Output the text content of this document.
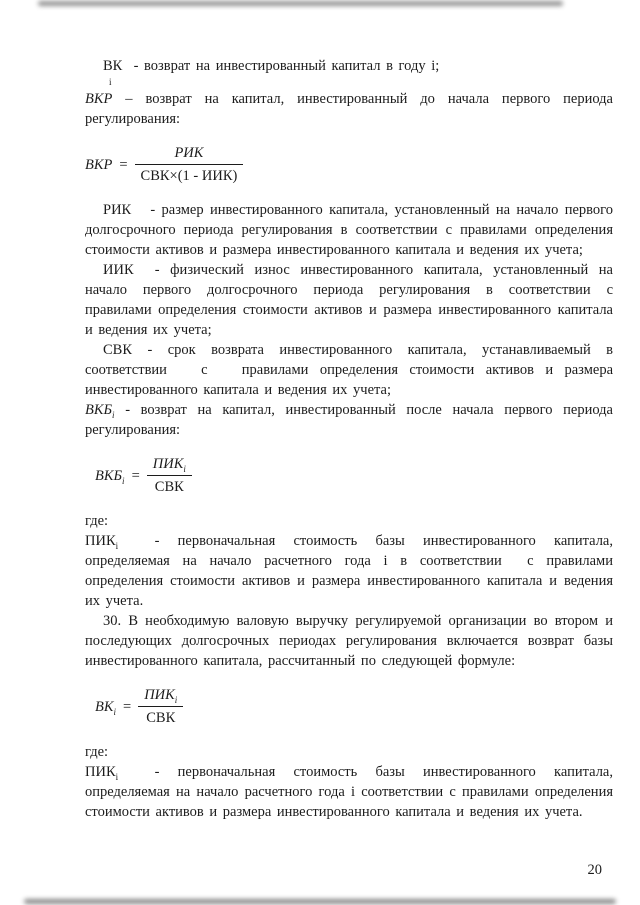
ВК  - возврат на инвестированный капитал в году i;

i

ВКР – возврат на капитал, инвестированный до начала первого периода регулирования:

ВКР = $\frac{\text{РИК}}{\text{СВК×(1 - ИИК)}}$

РИК   - размер инвестированного капитала, установленный на начало первого долгосрочного периода регулирования в соответствии с правилами определения стоимости активов и размера инвестированного капитала и ведения их учета;

ИИК  - физический износ инвестированного капитала, установленный на начало первого долгосрочного периода регулирования в соответствии с правилами определения стоимости активов и размера инвестированного капитала и ведения их учета;

СВК - срок возврата инвестированного капитала, устанавливаемый в соответствии   с   правилами определения стоимости активов и размера инвестированного капитала и ведения их учета;

$ВКБ_i$ - возврат на капитал, инвестированный после начала первого периода регулирования:

$ВКБ_i = \frac{ПИК_i}{\text{СВК}}$

где:

$ПИК_i$  - первоначальная стоимость базы инвестированного капитала, определяемая на начало расчетного года i в соответствии  с правилами определения стоимости активов и размера инвестированного капитала и ведения их учета.

30. В необходимую валовую выручку регулируемой организации во втором и последующих долгосрочных периодах регулирования включается возврат базы инвестированного капитала, рассчитанный по следующей формуле:

$ВК_i = \frac{ПИК_i}{\text{СВК}}$

где:

$ПИК_i$  - первоначальная стоимость базы инвестированного капитала, определяемая на начало расчетного года i соответствии с правилами определения стоимости активов и размера инвестированного капитала и ведения их учета.

20
